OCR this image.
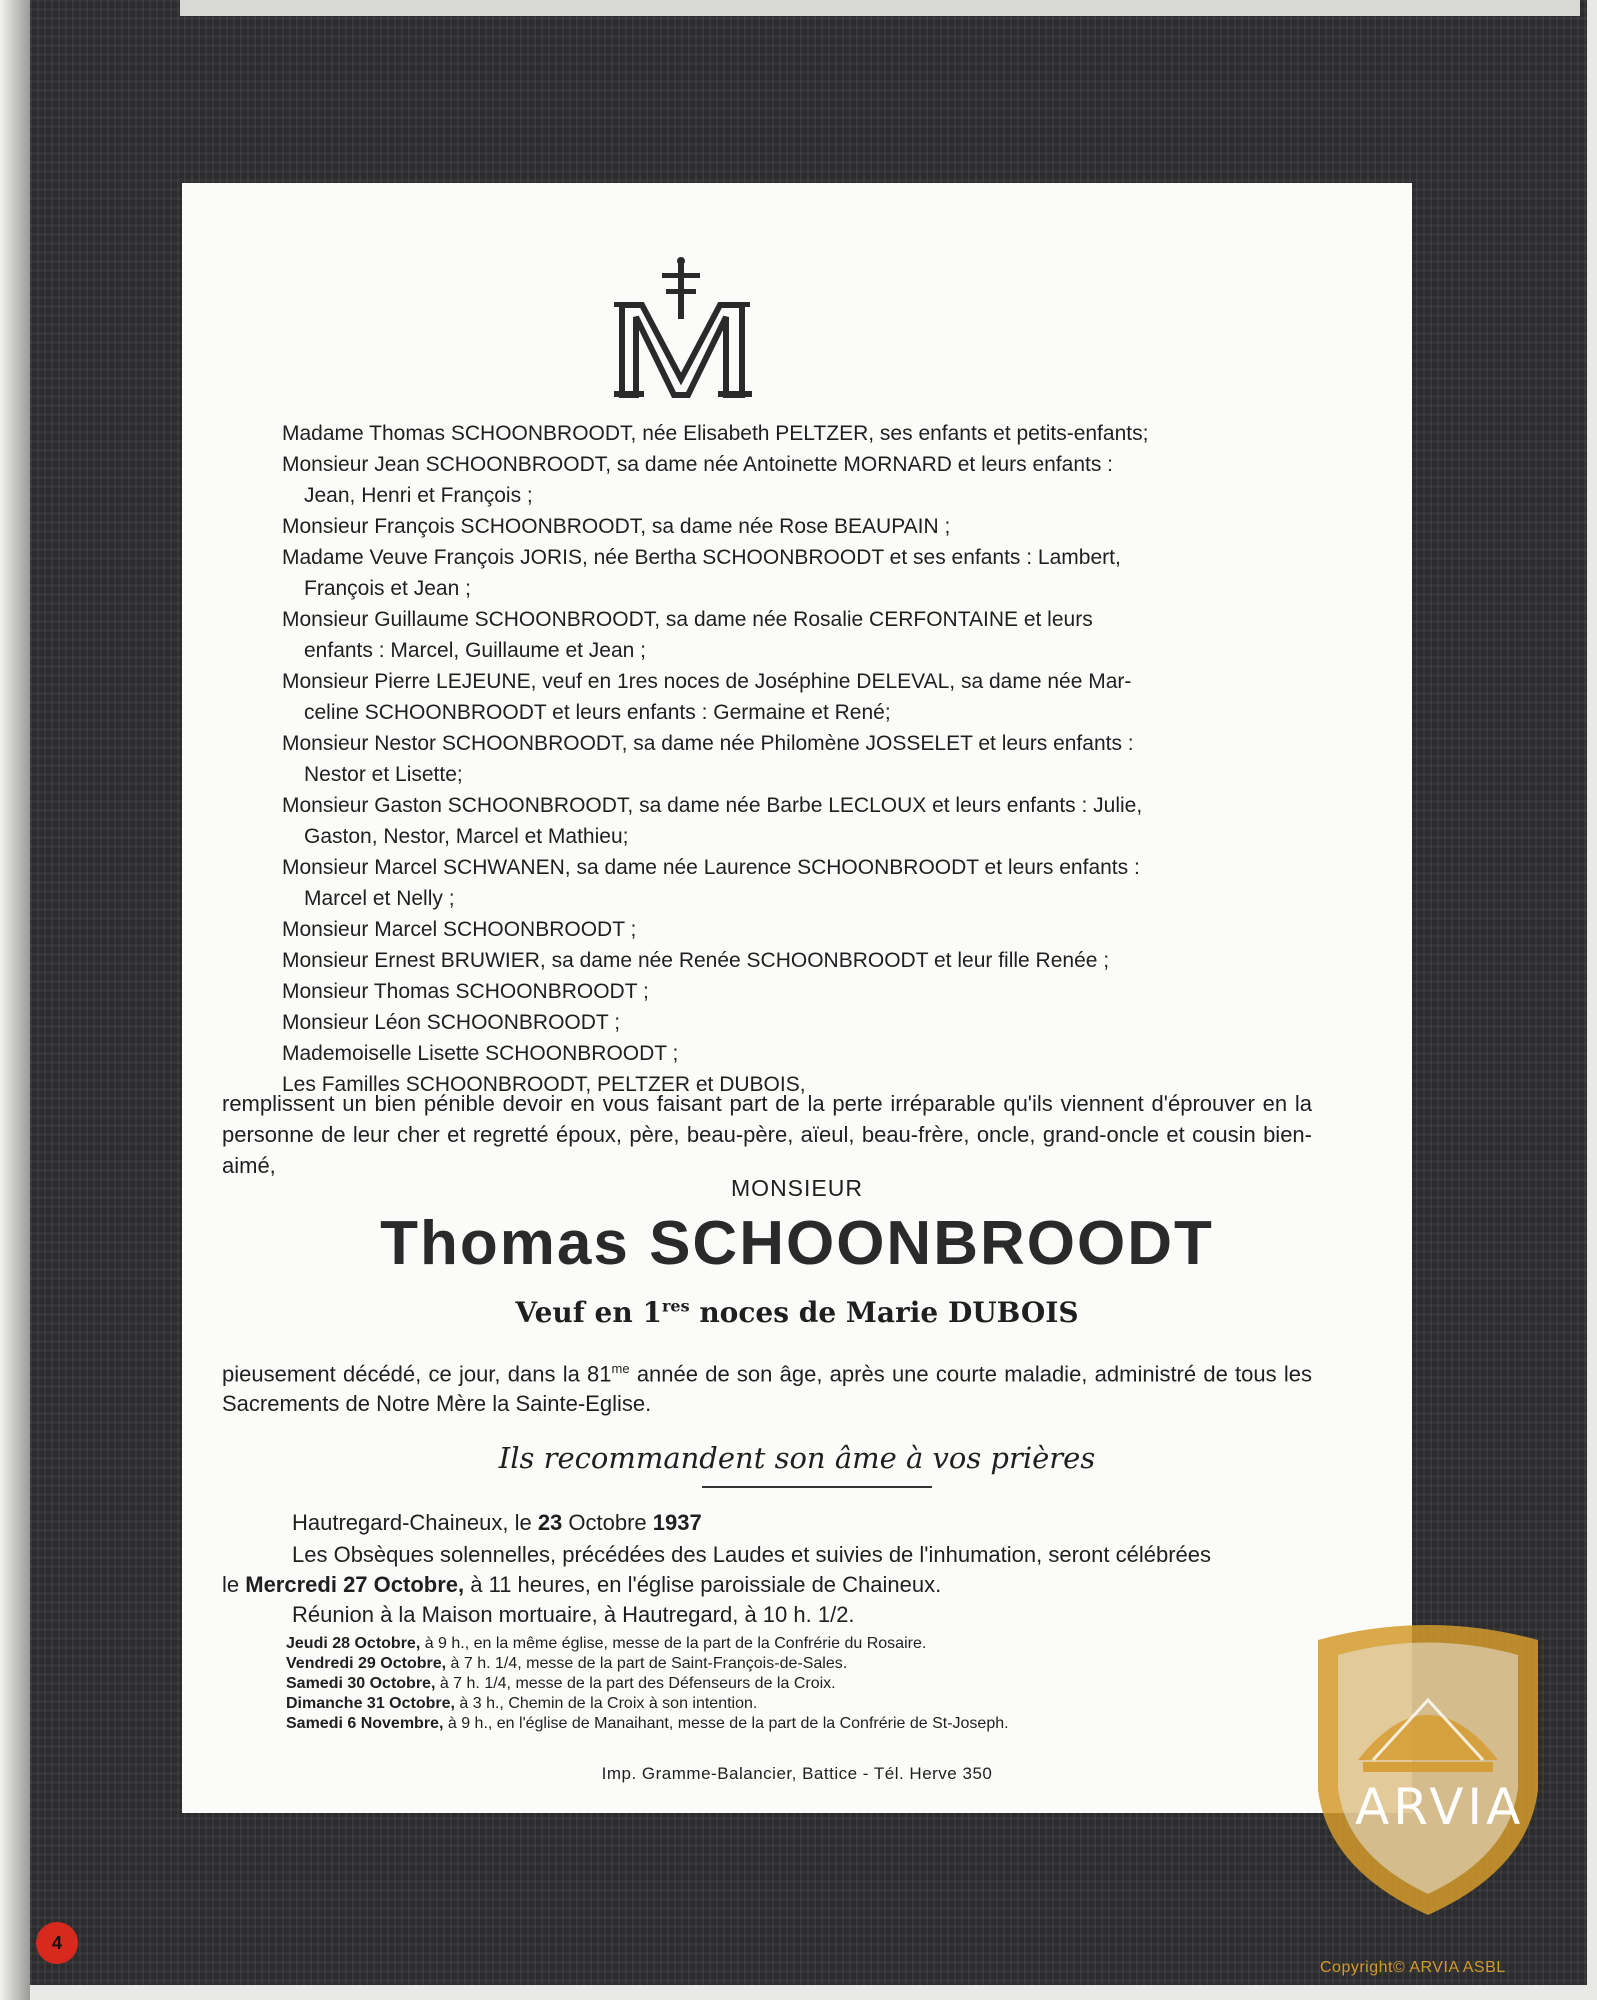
Madame Thomas SCHOONBROODT, née Elisabeth PELTZER, ses enfants et petits-enfants;

Monsieur Jean SCHOONBROODT, sa dame née Antoinette MORNARD et leurs enfants :
Jean, Henri et François ;

Monsieur François SCHOONBROODT, sa dame née Rose BEAUPAIN ;

Madame Veuve François JORIS, née Bertha SCHOONBROODT et ses enfants : Lambert,
François et Jean ;

Monsieur Guillaume SCHOONBROODT, sa dame née Rosalie CERFONTAINE et leurs
enfants : Marcel, Guillaume et Jean ;

Monsieur Pierre LEJEUNE, veuf en 1res noces de Joséphine DELEVAL, sa dame née Mar-
celine SCHOONBROODT et leurs enfants : Germaine et René;

Monsieur Nestor SCHOONBROODT, sa dame née Philomène JOSSELET et leurs enfants :
Nestor et Lisette;

Monsieur Gaston SCHOONBROODT, sa dame née Barbe LECLOUX et leurs enfants : Julie,
Gaston, Nestor, Marcel et Mathieu;

Monsieur Marcel SCHWANEN, sa dame née Laurence SCHOONBROODT et leurs enfants :
Marcel et Nelly ;

Monsieur Marcel SCHOONBROODT ;

Monsieur Ernest BRUWIER, sa dame née Renée SCHOONBROODT et leur fille Renée ;

Monsieur Thomas SCHOONBROODT ;

Monsieur Léon SCHOONBROODT ;

Mademoiselle Lisette SCHOONBROODT ;

Les Familles SCHOONBROODT, PELTZER et DUBOIS,

remplissent un bien pénible devoir en vous faisant part de la perte irréparable qu'ils viennent d'éprouver en la personne de leur cher et regretté époux, père, beau-père, aïeul, beau-frère, oncle, grand-oncle et cousin bien-aimé,
MONSIEUR
Thomas SCHOONBROODT
Veuf en 1res noces de Marie DUBOIS
pieusement décédé, ce jour, dans la $81^{me}$ année de son âge, après une courte maladie, administré de tous les Sacrements de Notre Mère la Sainte-Eglise.
Ils recommandent son âme à vos prières
Hautregard-Chaineux, le 23 Octobre 1937
Les Obsèques solennelles, précédées des Laudes et suivies de l'inhumation, seront célébrées
le Mercredi 27 Octobre, à 11 heures, en l'église paroissiale de Chaineux.
Réunion à la Maison mortuaire, à Hautregard, à 10 h. 1/2.
Jeudi 28 Octobre, à 9 h., en la même église, messe de la part de la Confrérie du Rosaire.
Vendredi 29 Octobre, à 7 h. 1/4, messe de la part de Saint-François-de-Sales.
Samedi 30 Octobre, à 7 h. 1/4, messe de la part des Défenseurs de la Croix.
Dimanche 31 Octobre, à 3 h., Chemin de la Croix à son intention.
Samedi 6 Novembre, à 9 h., en l'église de Manaihant, messe de la part de la Confrérie de St-Joseph.
Imp. Gramme-Balancier, Battice - Tél. Herve 350
4
ARVIA
Copyright© ARVIA ASBL
